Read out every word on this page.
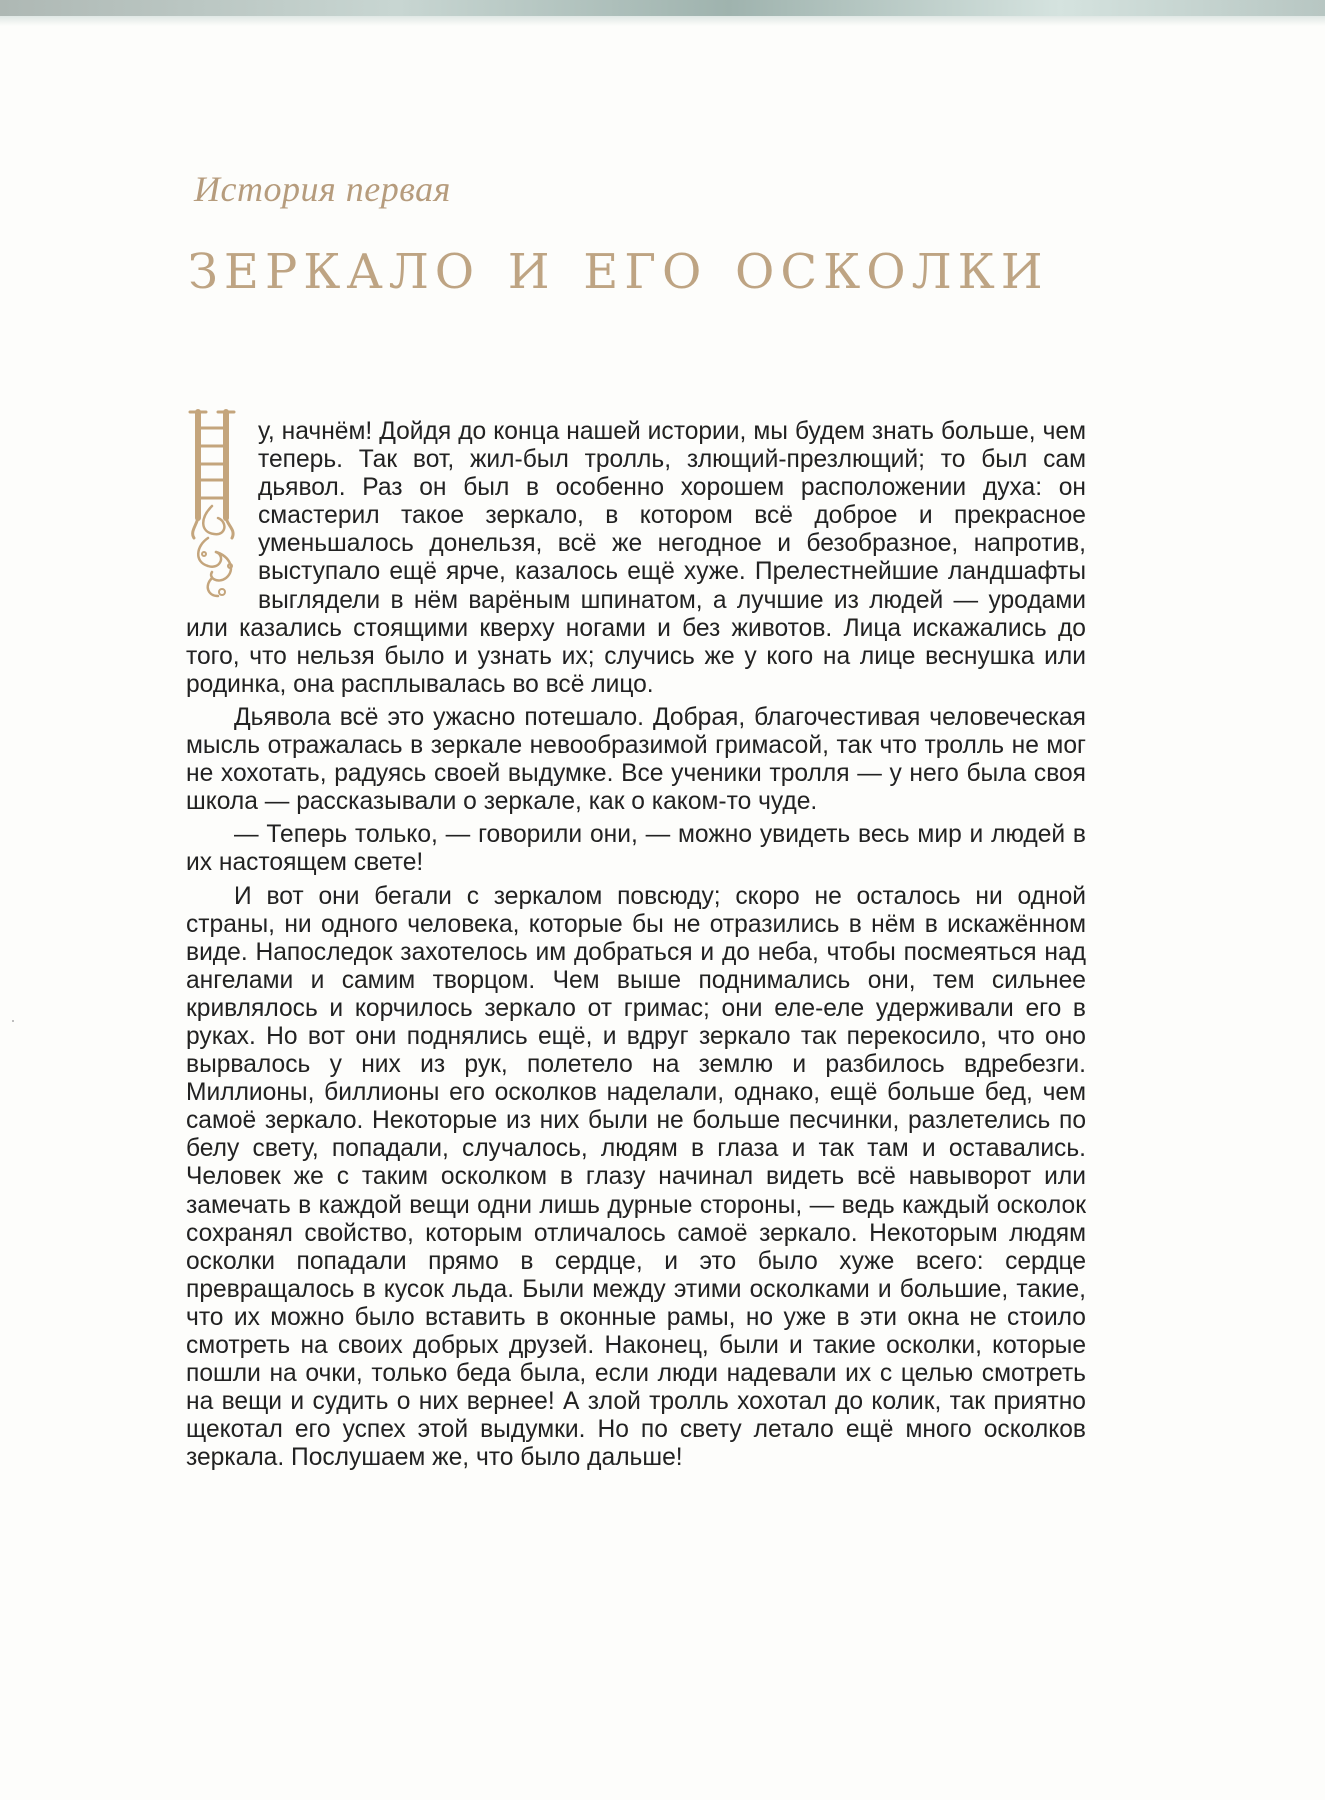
История первая

зеркало и его осколки

у, начнём! Дойдя до конца нашей истории, мы будем знать больше, чем теперь. Так вот, жил-был тролль, злющий-презлющий; то был сам дьявол. Раз он был в особенно хорошем расположении духа: он смастерил такое зеркало, в котором всё доброе и прекрасное уменьшалось донельзя, всё же негодное и безобразное, напротив, выступало ещё ярче, казалось ещё хуже. Прелестнейшие ландшафты выглядели в нём варёным шпинатом, а лучшие из людей — уродами или казались стоящими кверху ногами и без животов. Лица искажались до того, что нельзя было и узнать их; случись же у кого на лице веснушка или родинка, она расплывалась во всё лицо.

Дьявола всё это ужасно потешало. Добрая, благочестивая человеческая мысль отражалась в зеркале невообразимой гримасой, так что тролль не мог не хохотать, радуясь своей выдумке. Все ученики тролля — у него была своя школа — рассказывали о зеркале, как о каком-то чуде.

— Теперь только, — говорили они, — можно увидеть весь мир и людей в их настоящем свете!

И вот они бегали с зеркалом повсюду; скоро не осталось ни одной страны, ни одного человека, которые бы не отразились в нём в искажённом виде. Напоследок захотелось им добраться и до неба, чтобы посмеяться над ангелами и самим творцом. Чем выше поднимались они, тем сильнее кривлялось и корчилось зеркало от гримас; они еле-еле удерживали его в руках. Но вот они поднялись ещё, и вдруг зеркало так перекосило, что оно вырвалось у них из рук, полетело на землю и разбилось вдребезги. Миллионы, биллионы его осколков наделали, однако, ещё больше бед, чем самоё зеркало. Некоторые из них были не больше песчинки, разлетелись по белу свету, попадали, случалось, людям в глаза и так там и оставались. Человек же с таким осколком в глазу начинал видеть всё навыворот или замечать в каждой вещи одни лишь дурные стороны, — ведь каждый осколок сохранял свойство, которым отличалось самоё зеркало. Некоторым людям осколки попадали прямо в сердце, и это было хуже всего: сердце превращалось в кусок льда. Были между этими осколками и большие, такие, что их можно было вставить в оконные рамы, но уже в эти окна не стоило смотреть на своих добрых друзей. Наконец, были и такие осколки, которые пошли на очки, только беда была, если люди надевали их с целью смотреть на вещи и судить о них вернее! А злой тролль хохотал до колик, так приятно щекотал его успех этой выдумки. Но по свету летало ещё много осколков зеркала. Послушаем же, что было дальше!
